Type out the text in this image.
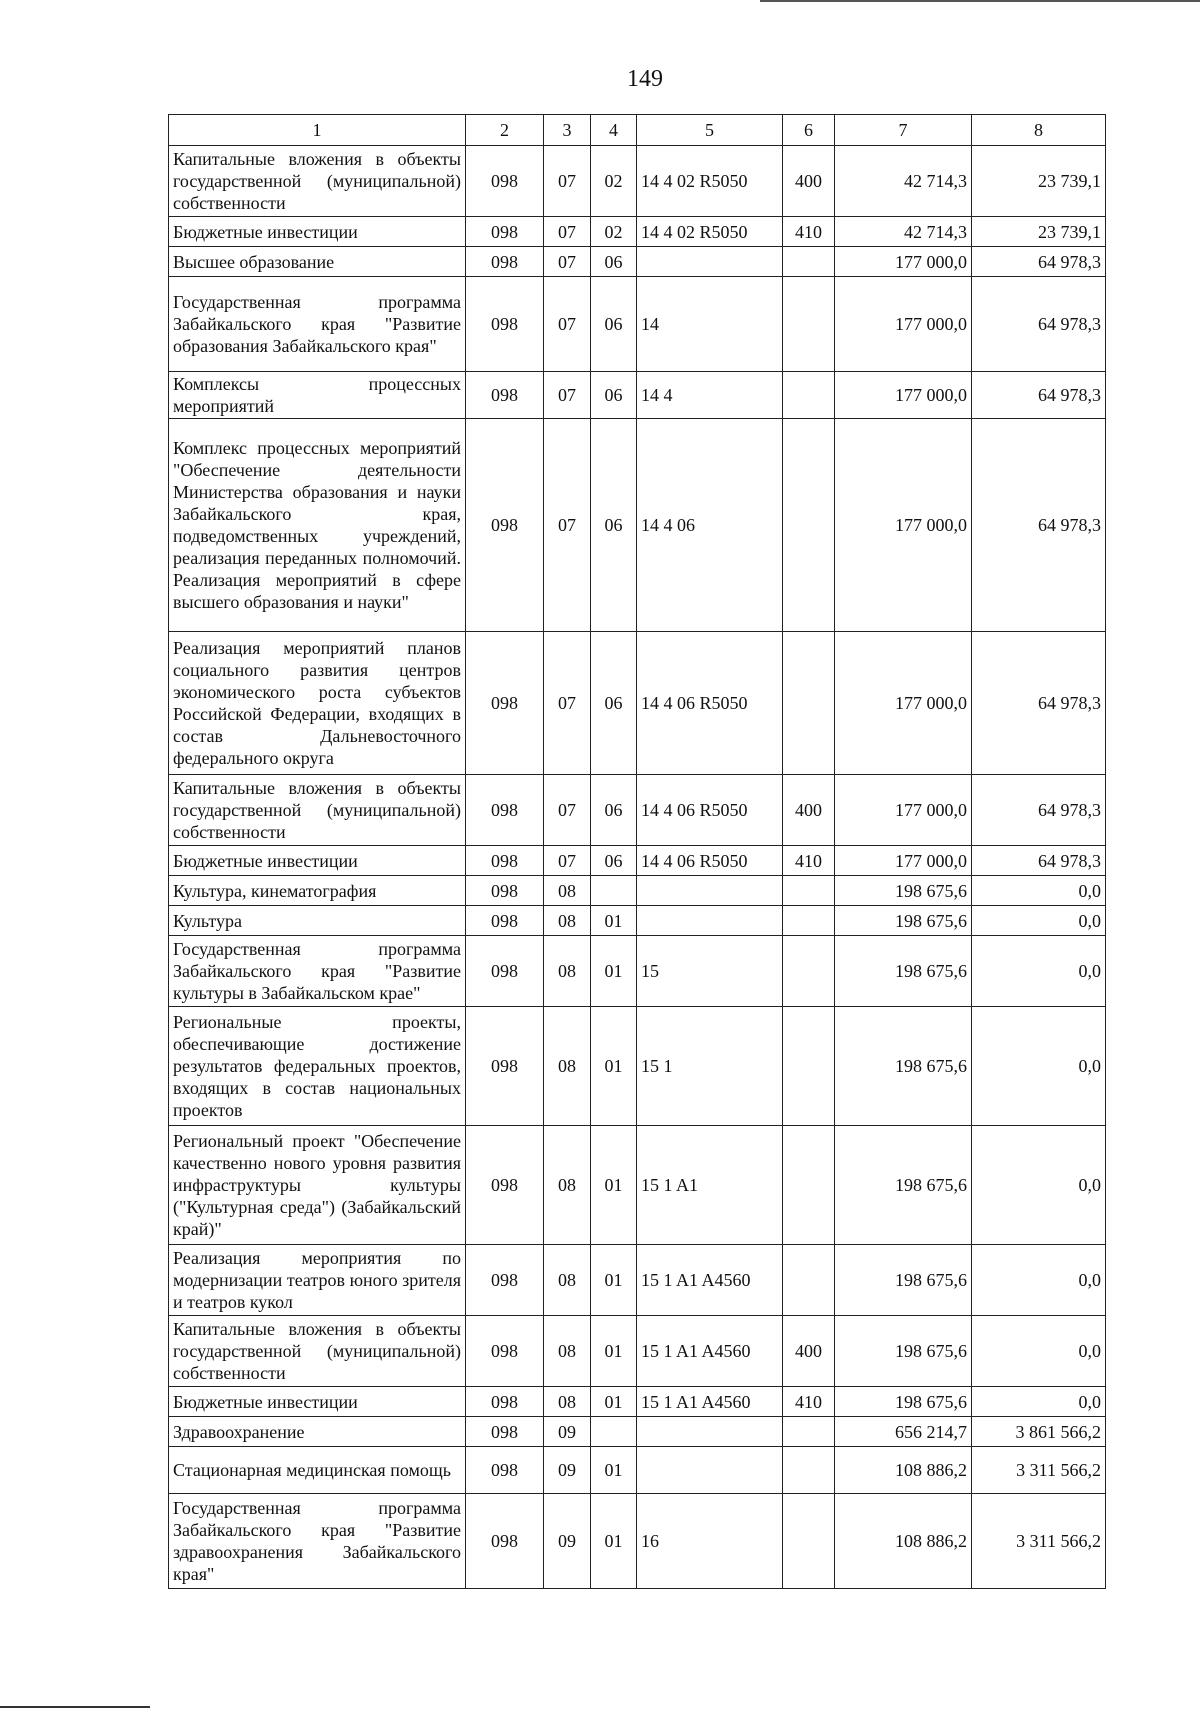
149
1	2	3	4	5	6	7	8
Капитальные вложения в объекты государственной (муниципальной) собственности	098	07	02	14 4 02 R5050	400	42 714,3	23 739,1
Бюджетные инвестиции	098	07	02	14 4 02 R5050	410	42 714,3	23 739,1
Высшее образование	098	07	06			177 000,0	64 978,3
Государственная программа Забайкальского края "Развитие образования Забайкальского края"	098	07	06	14		177 000,0	64 978,3
Комплексы процессных мероприятий	098	07	06	14 4		177 000,0	64 978,3
Комплекс процессных мероприятий "Обеспечение деятельности Министерства образования и науки Забайкальского края, подведомственных учреждений, реализация переданных полномочий. Реализация мероприятий в сфере высшего образования и науки"	098	07	06	14 4 06		177 000,0	64 978,3
Реализация мероприятий планов социального развития центров экономического роста субъектов Российской Федерации, входящих в состав Дальневосточного федерального округа	098	07	06	14 4 06 R5050		177 000,0	64 978,3
Капитальные вложения в объекты государственной (муниципальной) собственности	098	07	06	14 4 06 R5050	400	177 000,0	64 978,3
Бюджетные инвестиции	098	07	06	14 4 06 R5050	410	177 000,0	64 978,3
Культура, кинематография	098	08				198 675,6	0,0
Культура	098	08	01			198 675,6	0,0
Государственная программа Забайкальского края "Развитие культуры в Забайкальском крае"	098	08	01	15		198 675,6	0,0
Региональные проекты, обеспечивающие достижение результатов федеральных проектов, входящих в состав национальных проектов	098	08	01	15 1		198 675,6	0,0
Региональный проект "Обеспечение качественно нового уровня развития инфраструктуры культуры ("Культурная среда") (Забайкальский край)"	098	08	01	15 1 A1		198 675,6	0,0
Реализация мероприятия по модернизации театров юного зрителя и театров кукол	098	08	01	15 1 A1 A4560		198 675,6	0,0
Капитальные вложения в объекты государственной (муниципальной) собственности	098	08	01	15 1 A1 A4560	400	198 675,6	0,0
Бюджетные инвестиции	098	08	01	15 1 A1 A4560	410	198 675,6	0,0
Здравоохранение	098	09				656 214,7	3 861 566,2
Стационарная медицинская помощь	098	09	01			108 886,2	3 311 566,2
Государственная программа Забайкальского края "Развитие здравоохранения Забайкальского края"	098	09	01	16		108 886,2	3 311 566,2
